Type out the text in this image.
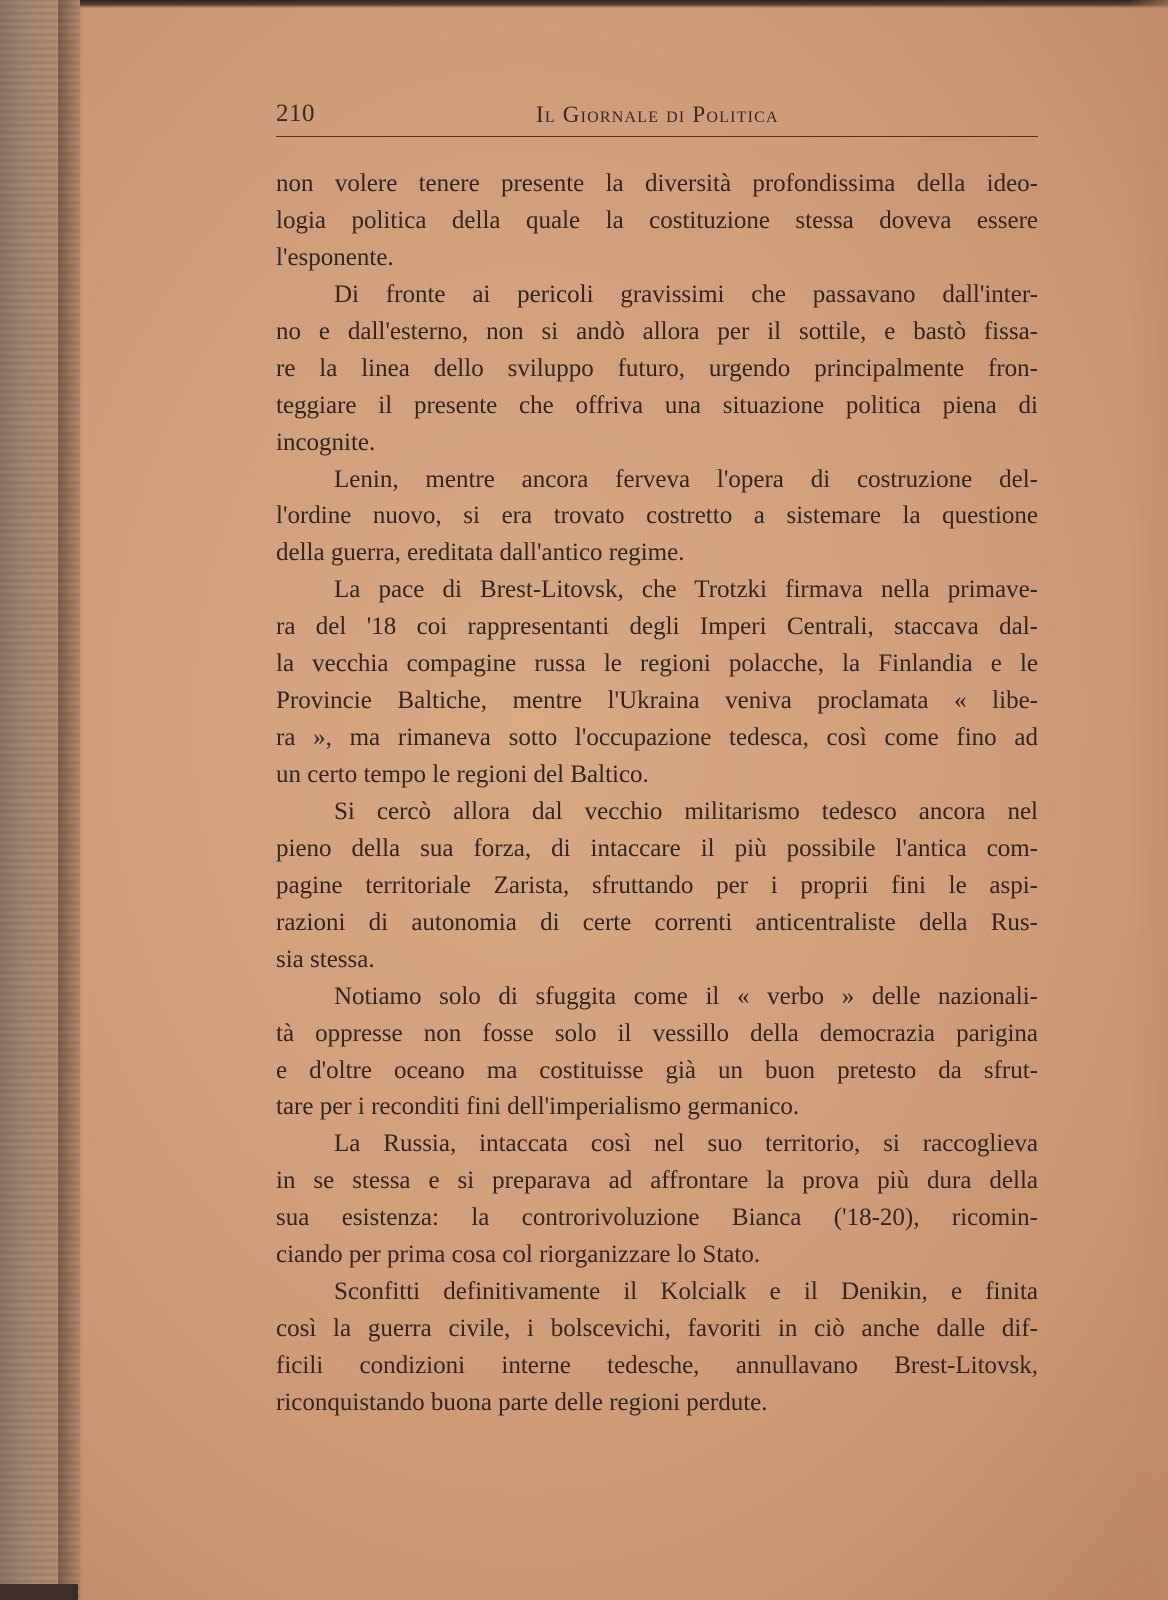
210	Il Giornale di Politica
non volere tenere presente la diversità profondissima della ideo-
logia politica della quale la costituzione stessa doveva essere
l'esponente.
Di fronte ai pericoli gravissimi che passavano dall'inter-
no e dall'esterno, non si andò allora per il sottile, e bastò fissa-
re la linea dello sviluppo futuro, urgendo principalmente fron-
teggiare il presente che offriva una situazione politica piena di
incognite.
Lenin, mentre ancora ferveva l'opera di costruzione del-
l'ordine nuovo, si era trovato costretto a sistemare la questione
della guerra, ereditata dall'antico regime.
La pace di Brest-Litovsk, che Trotzki firmava nella primave-
ra del '18 coi rappresentanti degli Imperi Centrali, staccava dal-
la vecchia compagine russa le regioni polacche, la Finlandia e le
Provincie Baltiche, mentre l'Ukraina veniva proclamata « libe-
ra », ma rimaneva sotto l'occupazione tedesca, così come fino ad
un certo tempo le regioni del Baltico.
Si cercò allora dal vecchio militarismo tedesco ancora nel
pieno della sua forza, di intaccare il più possibile l'antica com-
pagine territoriale Zarista, sfruttando per i proprii fini le aspi-
razioni di autonomia di certe correnti anticentraliste della Rus-
sia stessa.
Notiamo solo di sfuggita come il « verbo » delle nazionali-
tà oppresse non fosse solo il vessillo della democrazia parigina
e d'oltre oceano ma costituisse già un buon pretesto da sfrut-
tare per i reconditi fini dell'imperialismo germanico.
La Russia, intaccata così nel suo territorio, si raccoglieva
in se stessa e si preparava ad affrontare la prova più dura della
sua esistenza: la controrivoluzione Bianca ('18-20), ricomin-
ciando per prima cosa col riorganizzare lo Stato.
Sconfitti definitivamente il Kolcialk e il Denikin, e finita
così la guerra civile, i bolscevichi, favoriti in ciò anche dalle dif-
ficili condizioni interne tedesche, annullavano Brest-Litovsk,
riconquistando buona parte delle regioni perdute.
